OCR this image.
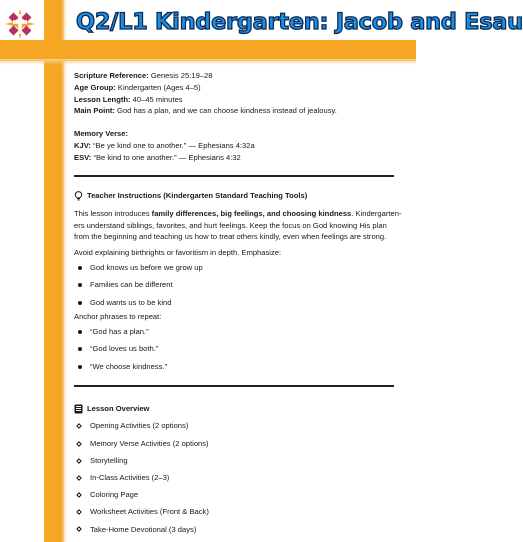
Q2/L1 Kindergarten: Jacob and Esau
Scripture Reference: Genesis 25:19–28
Age Group: Kindergarten (Ages 4–5)
Lesson Length: 40–45 minutes
Main Point: God has a plan, and we can choose kindness instead of jealousy.
Memory Verse:
KJV: “Be ye kind one to another.” — Ephesians 4:32a
ESV: “Be kind to one another.” — Ephesians 4:32
Teacher Instructions (Kindergarten Standard Teaching Tools)
This lesson introduces family differences, big feelings, and choosing kindness. Kindergarten-
ers understand siblings, favorites, and hurt feelings. Keep the focus on God knowing His plan
from the beginning and teaching us how to treat others kindly, even when feelings are strong.
Avoid explaining birthrights or favoritism in depth. Emphasize:
God knows us before we grow up
Families can be different
God wants us to be kind
Anchor phrases to repeat:
“God has a plan.”
“God loves us both.”
“We choose kindness.”
Lesson Overview
Opening Activities (2 options)
Memory Verse Activities (2 options)
Storytelling
In-Class Activities (2–3)
Coloring Page
Worksheet Activities (Front & Back)
Take-Home Devotional (3 days)
